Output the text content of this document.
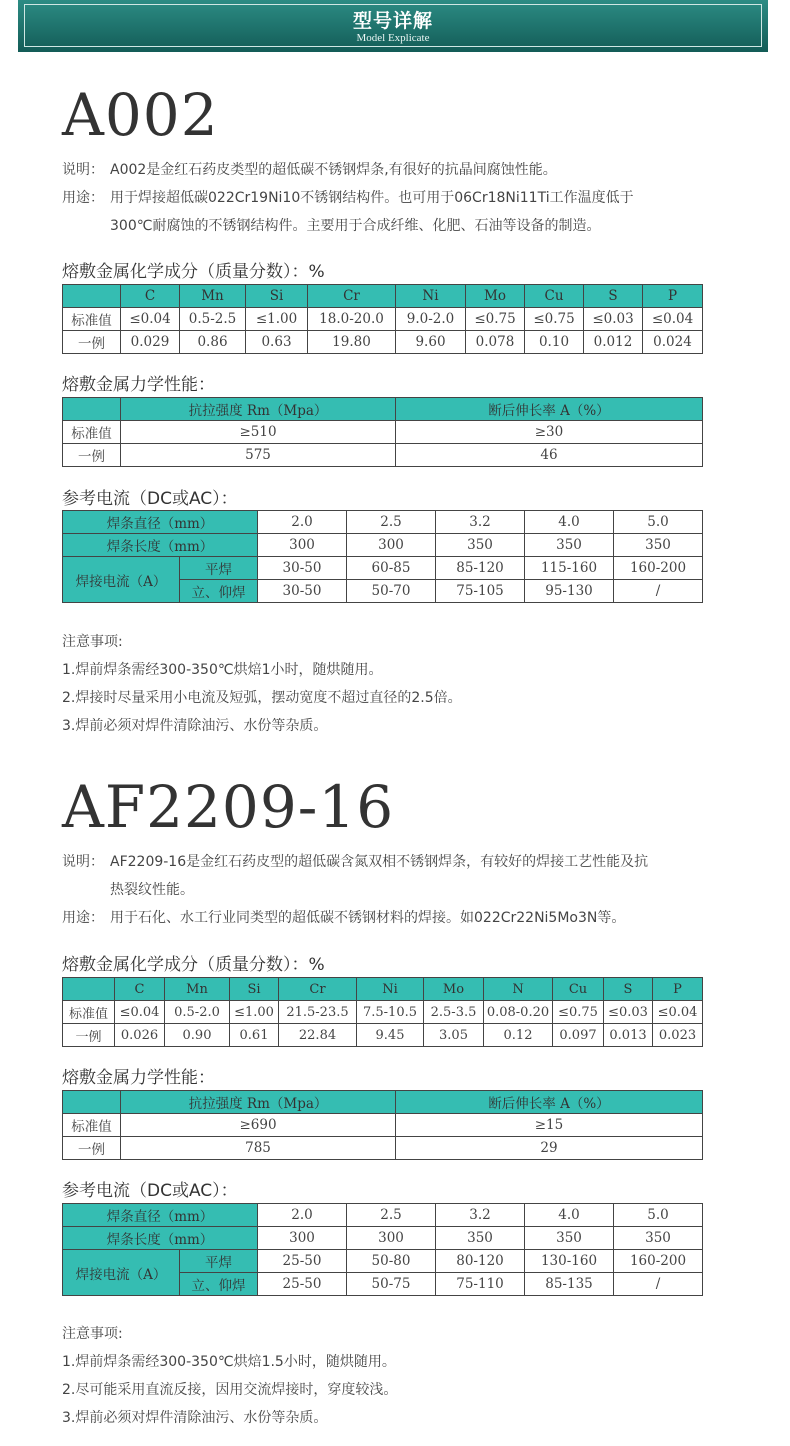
型号详解
Model Explicate
A002
说明： A002是金红石药皮类型的超低碳不锈钢焊条,有很好的抗晶间腐蚀性能。
用途： 用于焊接超低碳022Cr19Ni10不锈钢结构件。也可用于06Cr18Ni11Ti工作温度低于
300℃耐腐蚀的不锈钢结构件。主要用于合成纤维、化肥、石油等设备的制造。
熔敷金属化学成分（质量分数）：%
	C	Mn	Si	Cr	Ni	Mo	Cu	S	P
标准值	≤0.04	0.5-2.5	≤1.00	18.0-20.0	9.0-2.0	≤0.75	≤0.75	≤0.03	≤0.04
一例	0.029	0.86	0.63	19.80	9.60	0.078	0.10	0.012	0.024
熔敷金属力学性能：
	抗拉强度 Rm（Mpa）	断后伸长率 A（%）
标准值	≥510	≥30
一例	575	46
参考电流（DC或AC）：
焊条直径（mm）		2.0	2.5	3.2	4.0	5.0
焊条长度（mm）		300	300	350	350	350
焊接电流（A）	平焊	30-50	60-85	85-120	115-160	160-200
	立、仰焊	30-50	50-70	75-105	95-130	/
注意事项:
1.焊前焊条需经300-350℃烘焙1小时，随烘随用。
2.焊接时尽量采用小电流及短弧，摆动宽度不超过直径的2.5倍。
3.焊前必须对焊件清除油污、水份等杂质。
AF2209-16
说明： AF2209-16是金红石药皮型的超低碳含氮双相不锈钢焊条，有较好的焊接工艺性能及抗
热裂纹性能。
用途： 用于石化、水工行业同类型的超低碳不锈钢材料的焊接。如022Cr22Ni5Mo3N等。
熔敷金属化学成分（质量分数）：%
	C	Mn	Si	Cr	Ni	Mo	N	Cu	S	P
标准值	≤0.04	0.5-2.0	≤1.00	21.5-23.5	7.5-10.5	2.5-3.5	0.08-0.20	≤0.75	≤0.03	≤0.04
一例	0.026	0.90	0.61	22.84	9.45	3.05	0.12	0.097	0.013	0.023
熔敷金属力学性能：
	抗拉强度 Rm（Mpa）	断后伸长率 A（%）
标准值	≥690	≥15
一例	785	29
参考电流（DC或AC）：
焊条直径（mm）		2.0	2.5	3.2	4.0	5.0
焊条长度（mm）		300	300	350	350	350
焊接电流（A）	平焊	25-50	50-80	80-120	130-160	160-200
	立、仰焊	25-50	50-75	75-110	85-135	/
注意事项:
1.焊前焊条需经300-350℃烘焙1.5小时，随烘随用。
2.尽可能采用直流反接，因用交流焊接时，穿度较浅。
3.焊前必须对焊件清除油污、水份等杂质。
